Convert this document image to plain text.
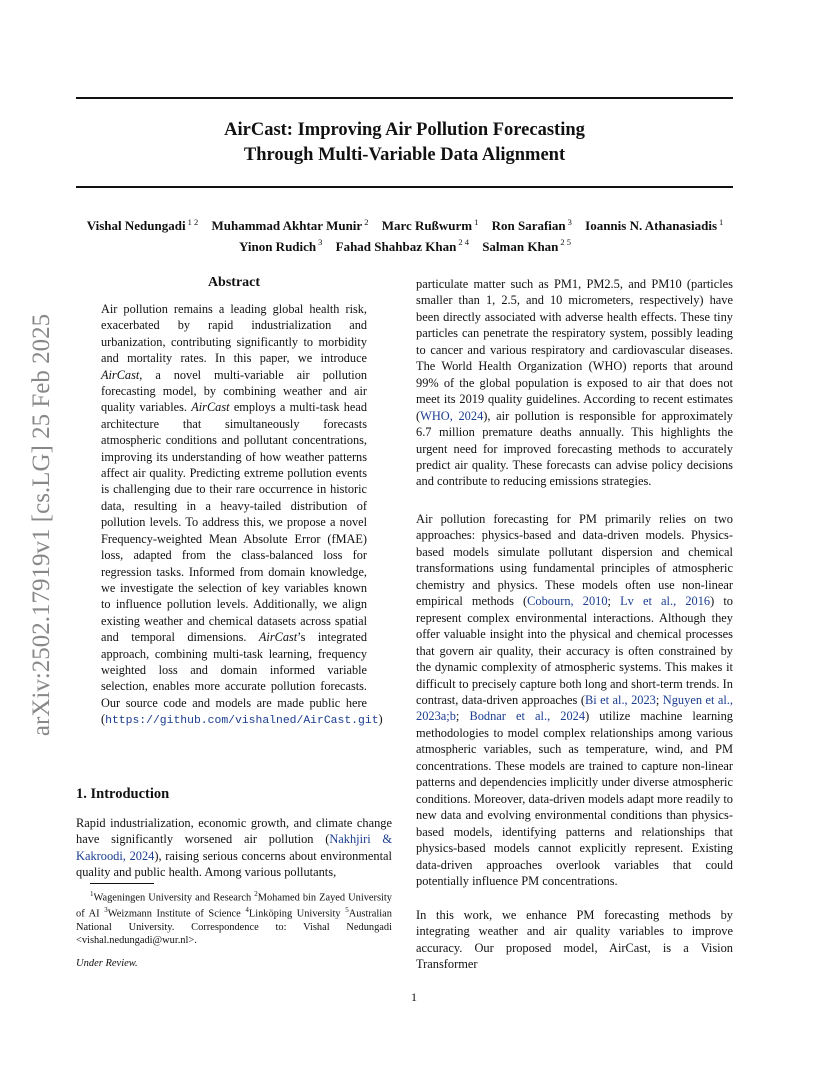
AirCast: Improving Air Pollution Forecasting
Through Multi-Variable Data Alignment
Vishal Nedungadi $^{1 2}$ Muhammad Akhtar Munir $^2$ Marc Rußwurm $^1$ Ron Sarafian $^3$ Ioannis N. Athanasiadis $^1$
Yinon Rudich $^3$ Fahad Shahbaz Khan $^{2 4}$ Salman Khan $^{2 5}$
arXiv:2502.17919v1 [cs.LG] 25 Feb 2025
Abstract

Air pollution remains a leading global health risk, exacerbated by rapid industrialization and urbanization, contributing significantly to morbidity and mortality rates. In this paper, we introduce AirCast, a novel multi-variable air pollution forecasting model, by combining weather and air quality variables. AirCast employs a multi-task head architecture that simultaneously forecasts atmospheric conditions and pollutant concentrations, improving its understanding of how weather patterns affect air quality. Predicting extreme pollution events is challenging due to their rare occurrence in historic data, resulting in a heavy-tailed distribution of pollution levels. To address this, we propose a novel Frequency-weighted Mean Absolute Error (fMAE) loss, adapted from the class-balanced loss for regression tasks. Informed from domain knowledge, we investigate the selection of key variables known to influence pollution levels. Additionally, we align existing weather and chemical datasets across spatial and temporal dimensions. AirCast’s integrated approach, combining multi-task learning, frequency weighted loss and domain informed variable selection, enables more accurate pollution forecasts. Our source code and models are made public here (https://github.com/vishalned/AirCast.git)

1. Introduction

Rapid industrialization, economic growth, and climate change have significantly worsened air pollution (Nakhjiri & Kakroodi, 2024), raising serious concerns about environmental quality and public health. Among various pollutants,

$^1$Wageningen University and Research $^2$Mohamed bin Zayed University of AI $^3$Weizmann Institute of Science $^4$Linköping University $^5$Australian National University. Correspondence to: Vishal Nedungadi <vishal.nedungadi@wur.nl>.

Under Review.

particulate matter such as PM1, PM2.5, and PM10 (particles smaller than 1, 2.5, and 10 micrometers, respectively) have been directly associated with adverse health effects. These tiny particles can penetrate the respiratory system, possibly leading to cancer and various respiratory and cardiovascular diseases. The World Health Organization (WHO) reports that around 99% of the global population is exposed to air that does not meet its 2019 quality guidelines. According to recent estimates (WHO, 2024), air pollution is responsible for approximately 6.7 million premature deaths annually. This highlights the urgent need for improved forecasting methods to accurately predict air quality. These forecasts can advise policy decisions and contribute to reducing emissions strategies.

Air pollution forecasting for PM primarily relies on two approaches: physics-based and data-driven models. Physics-based models simulate pollutant dispersion and chemical transformations using fundamental principles of atmospheric chemistry and physics. These models often use non-linear empirical methods (Cobourn, 2010; Lv et al., 2016) to represent complex environmental interactions. Although they offer valuable insight into the physical and chemical processes that govern air quality, their accuracy is often constrained by the dynamic complexity of atmospheric systems. This makes it difficult to precisely capture both long and short-term trends. In contrast, data-driven approaches (Bi et al., 2023; Nguyen et al., 2023a;b; Bodnar et al., 2024) utilize machine learning methodologies to model complex relationships among various atmospheric variables, such as temperature, wind, and PM concentrations. These models are trained to capture non-linear patterns and dependencies implicitly under diverse atmospheric conditions. Moreover, data-driven models adapt more readily to new data and evolving environmental conditions than physics-based models, identifying patterns and relationships that physics-based models cannot explicitly represent. Existing data-driven approaches overlook variables that could potentially influence PM concentrations.

In this work, we enhance PM forecasting methods by integrating weather and air quality variables to improve accuracy. Our proposed model, AirCast, is a Vision Transformer

1
